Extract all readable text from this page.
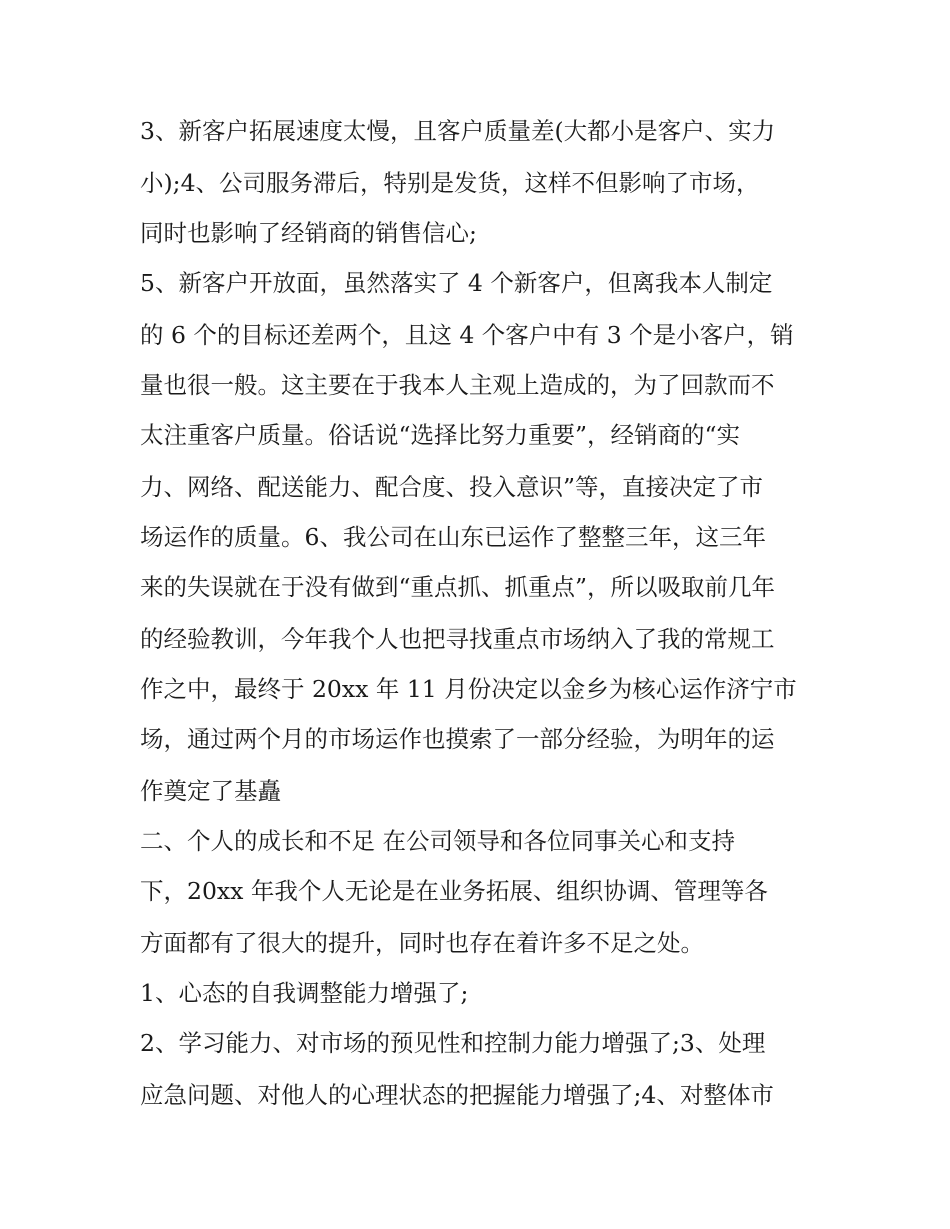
3、新客户拓展速度太慢，且客户质量差(大都小是客户、实力
小);4、公司服务滞后，特别是发货，这样不但影响了市场，
同时也影响了经销商的销售信心;
5、新客户开放面，虽然落实了 4 个新客户，但离我本人制定
的 6 个的目标还差两个，且这 4 个客户中有 3 个是小客户，销
量也很一般。这主要在于我本人主观上造成的，为了回款而不
太注重客户质量。俗话说“选择比努力重要”，经销商的“实
力、网络、配送能力、配合度、投入意识”等，直接决定了市
场运作的质量。6、我公司在山东已运作了整整三年，这三年
来的失误就在于没有做到“重点抓、抓重点”，所以吸取前几年
的经验教训，今年我个人也把寻找重点市场纳入了我的常规工
作之中，最终于 20xx 年 11 月份决定以金乡为核心运作济宁市
场，通过两个月的市场运作也摸索了一部分经验，为明年的运
作奠定了基矗
二、个人的成长和不足 在公司领导和各位同事关心和支持
下，20xx 年我个人无论是在业务拓展、组织协调、管理等各
方面都有了很大的提升，同时也存在着许多不足之处。
1、心态的自我调整能力增强了;
2、学习能力、对市场的预见性和控制力能力增强了;3、处理
应急问题、对他人的心理状态的把握能力增强了;4、对整体市
